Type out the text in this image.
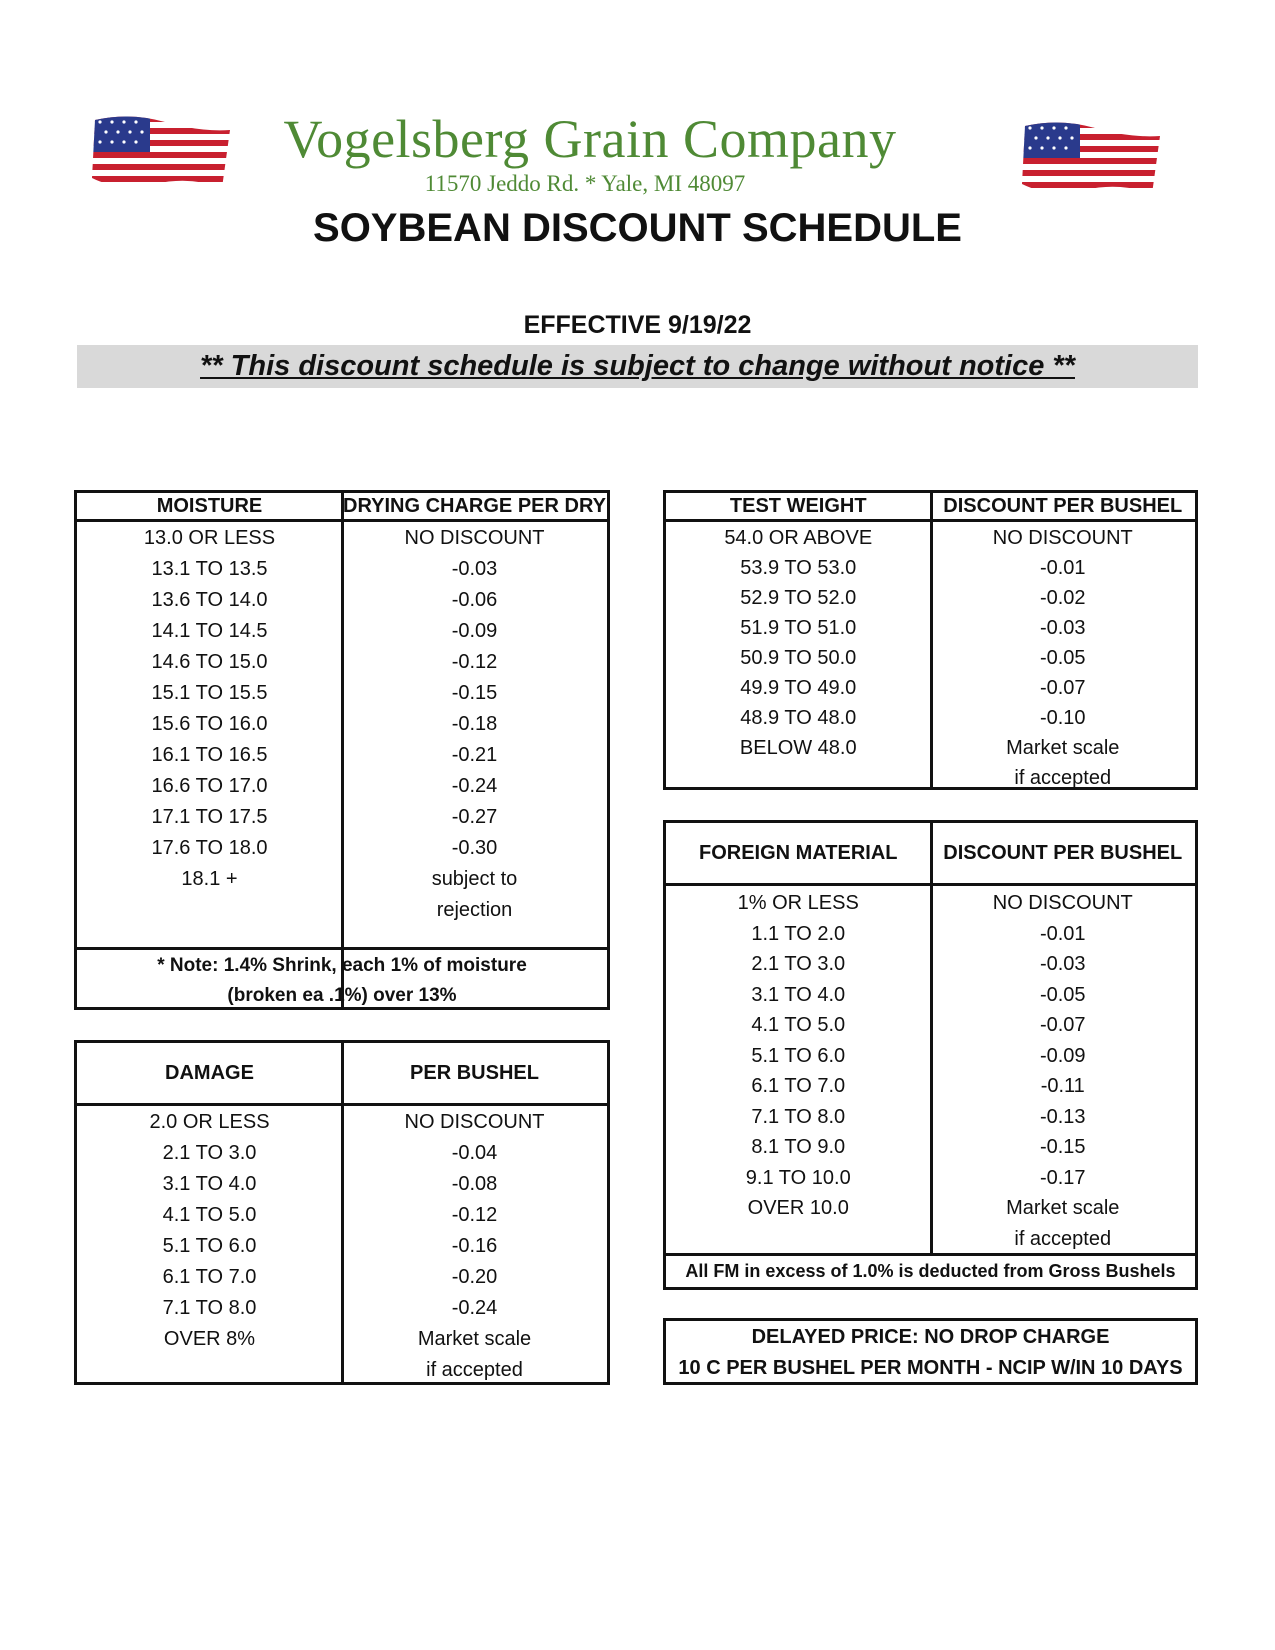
Vogelsberg Grain Company
11570 Jeddo Rd. * Yale, MI 48097
SOYBEAN DISCOUNT SCHEDULE
EFFECTIVE 9/19/22
** This discount schedule is subject to change without notice **
MOISTURE	DRYING CHARGE PER DRY
13.0 OR LESS	NO DISCOUNT
13.1 TO 13.5	-0.03
13.6 TO 14.0	-0.06
14.1 TO 14.5	-0.09
14.6 TO 15.0	-0.12
15.1 TO 15.5	-0.15
15.6 TO 16.0	-0.18
16.1 TO 16.5	-0.21
16.6 TO 17.0	-0.24
17.1 TO 17.5	-0.27
17.6 TO 18.0	-0.30
18.1 +	subject to
rejection
* Note: 1.4% Shrink, each 1% of moisture
(broken ea .1%) over 13%
DAMAGE	PER BUSHEL
2.0 OR LESS	NO DISCOUNT
2.1 TO 3.0	-0.04
3.1 TO 4.0	-0.08
4.1 TO 5.0	-0.12
5.1 TO 6.0	-0.16
6.1 TO 7.0	-0.20
7.1 TO 8.0	-0.24
OVER 8%	Market scale
if accepted
TEST WEIGHT	DISCOUNT PER BUSHEL
54.0 OR ABOVE	NO DISCOUNT
53.9 TO 53.0	-0.01
52.9 TO 52.0	-0.02
51.9 TO 51.0	-0.03
50.9 TO 50.0	-0.05
49.9 TO 49.0	-0.07
48.9 TO 48.0	-0.10
BELOW 48.0	Market scale
if accepted
FOREIGN MATERIAL	DISCOUNT PER BUSHEL
1% OR LESS	NO DISCOUNT
1.1 TO 2.0	-0.01
2.1 TO 3.0	-0.03
3.1 TO 4.0	-0.05
4.1 TO 5.0	-0.07
5.1 TO 6.0	-0.09
6.1 TO 7.0	-0.11
7.1 TO 8.0	-0.13
8.1 TO 9.0	-0.15
9.1 TO 10.0	-0.17
OVER 10.0	Market scale
if accepted
All FM in excess of 1.0% is deducted from Gross Bushels
DELAYED PRICE: NO DROP CHARGE
10 C PER BUSHEL PER MONTH - NCIP W/IN 10 DAYS
